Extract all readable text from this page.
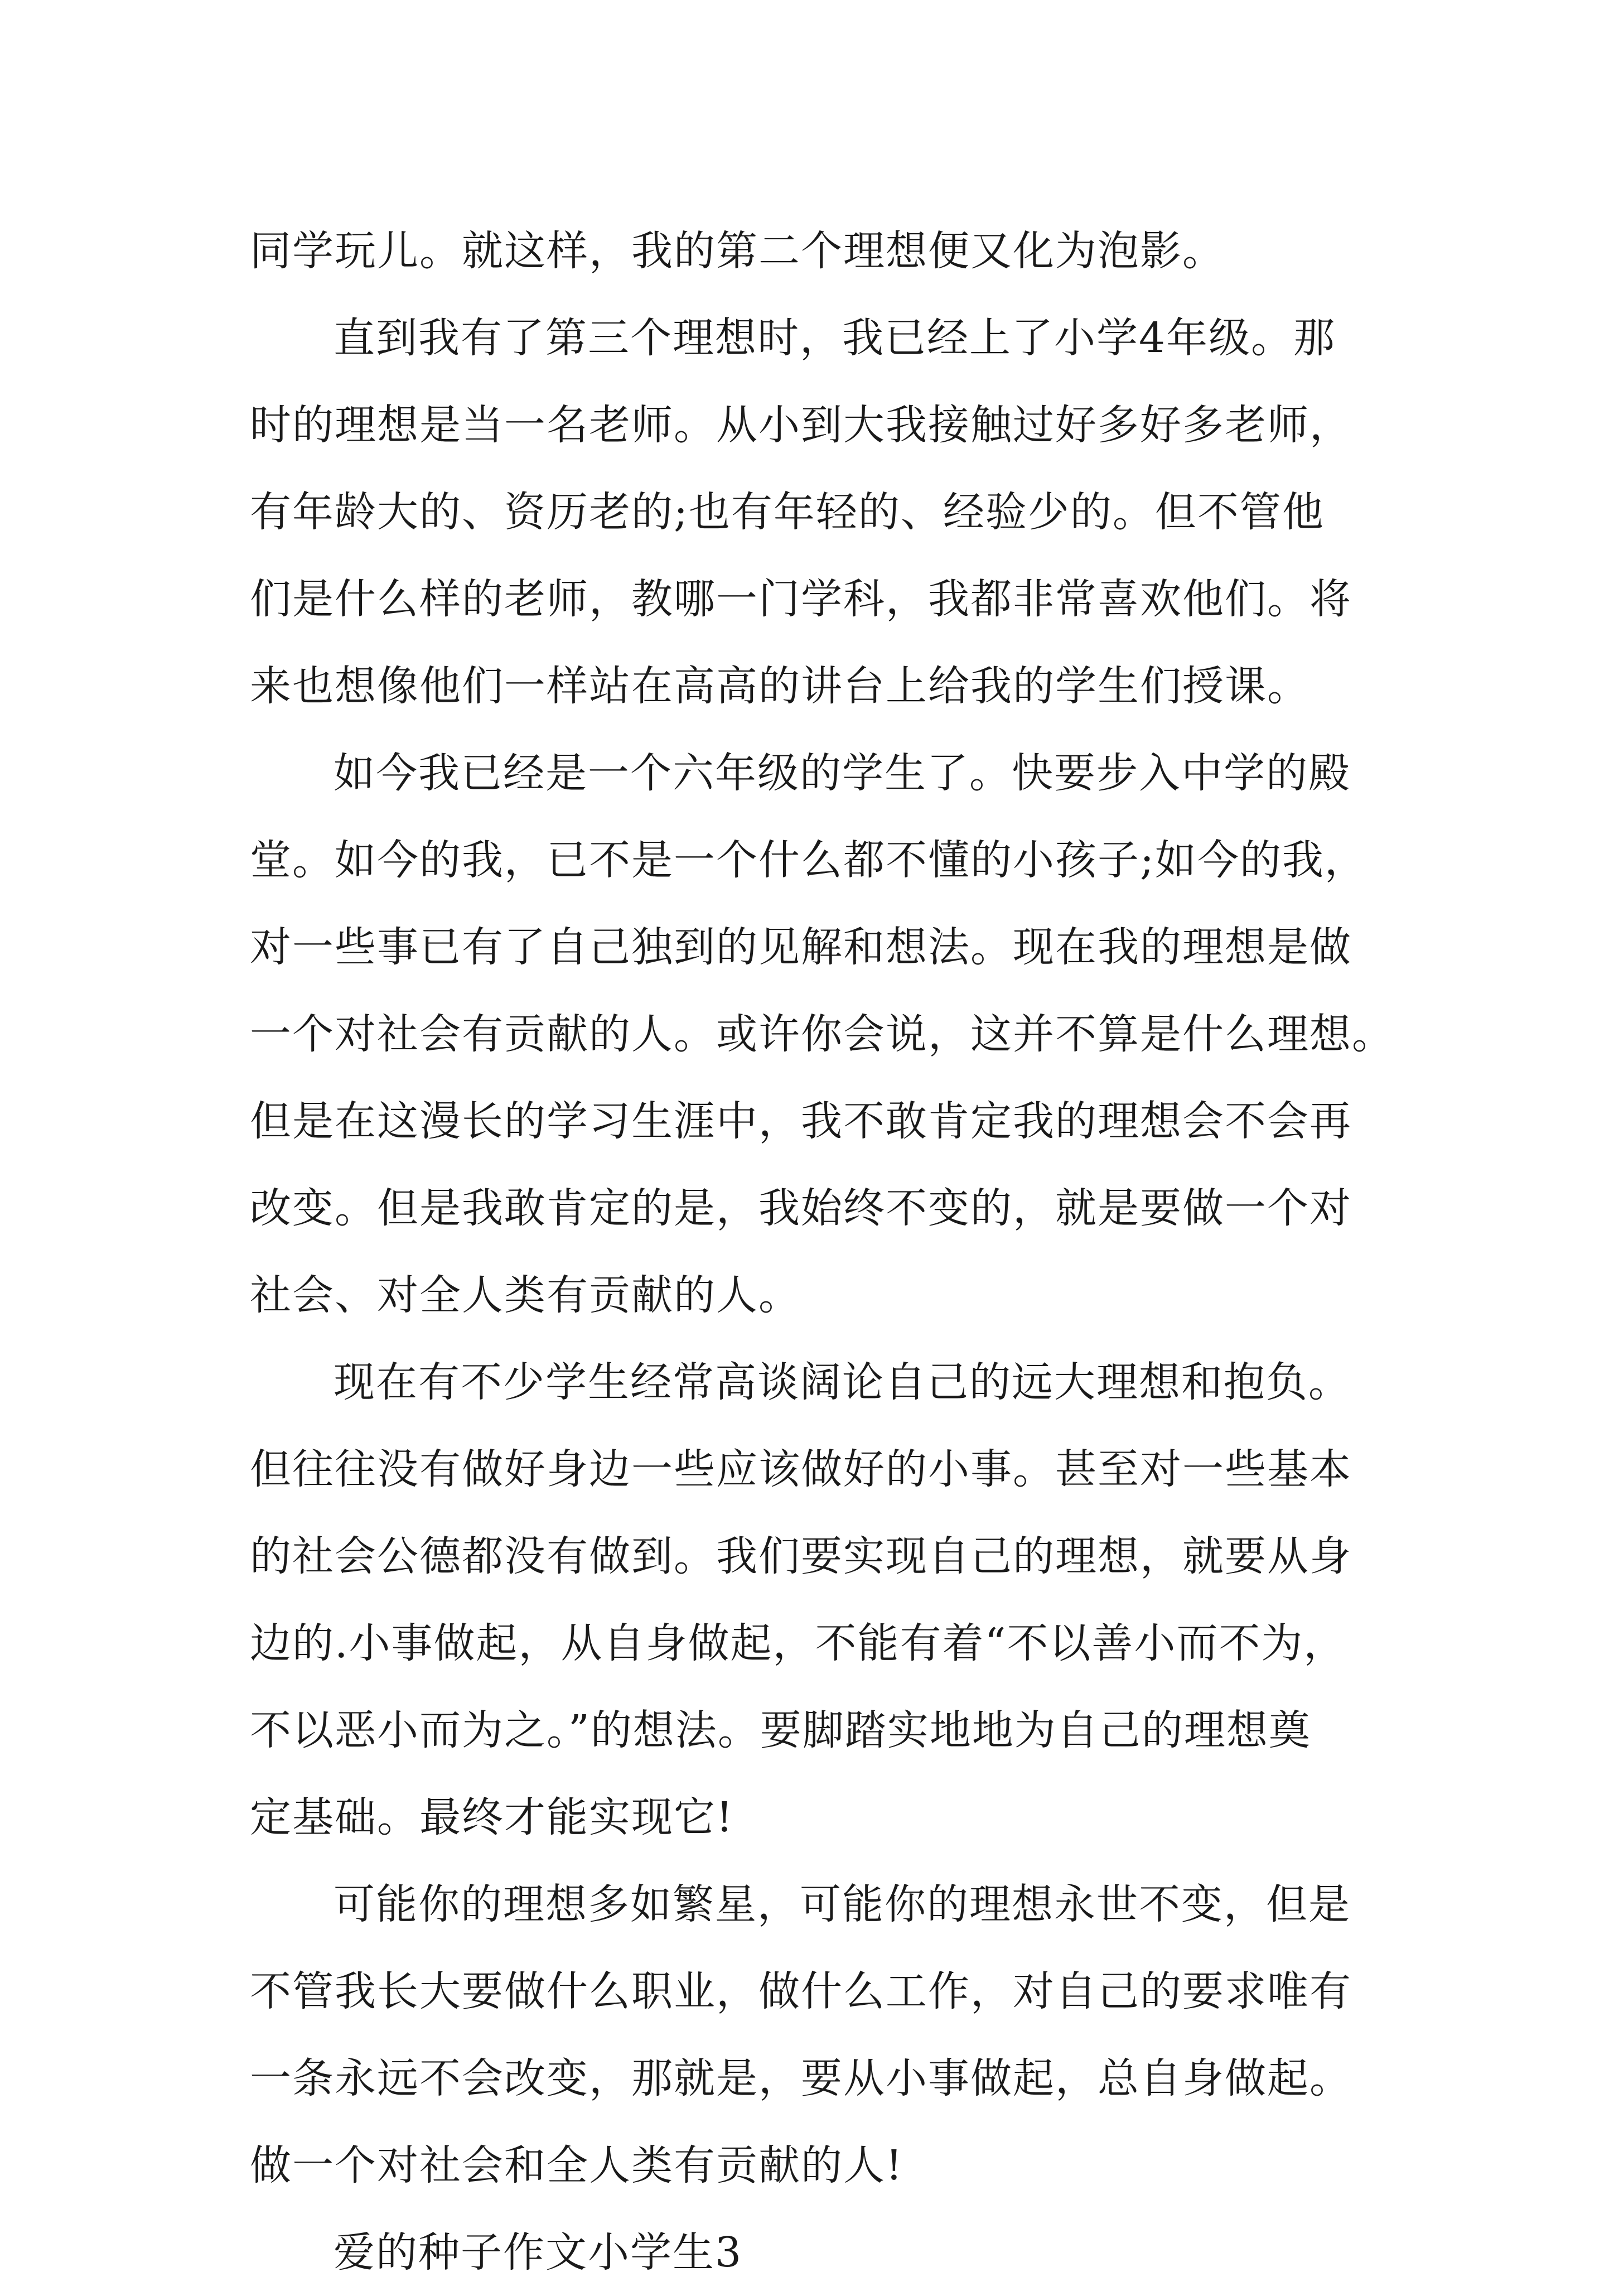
同学玩儿。就这样，我的第二个理想便又化为泡影。
直到我有了第三个理想时，我已经上了小学4年级。那
时的理想是当一名老师。从小到大我接触过好多好多老师，
有年龄大的、资历老的;也有年轻的、经验少的。但不管他
们是什么样的老师，教哪一门学科，我都非常喜欢他们。将
来也想像他们一样站在高高的讲台上给我的学生们授课。
如今我已经是一个六年级的学生了。快要步入中学的殿
堂。如今的我，已不是一个什么都不懂的小孩子;如今的我，
对一些事已有了自己独到的见解和想法。现在我的理想是做
一个对社会有贡献的人。或许你会说，这并不算是什么理想。
但是在这漫长的学习生涯中，我不敢肯定我的理想会不会再
改变。但是我敢肯定的是，我始终不变的，就是要做一个对
社会、对全人类有贡献的人。
现在有不少学生经常高谈阔论自己的远大理想和抱负。
但往往没有做好身边一些应该做好的小事。甚至对一些基本
的社会公德都没有做到。我们要实现自己的理想，就要从身
边的.小事做起，从自身做起，不能有着“不以善小而不为，
不以恶小而为之。”的想法。要脚踏实地地为自己的理想奠
定基础。最终才能实现它!
可能你的理想多如繁星，可能你的理想永世不变，但是
不管我长大要做什么职业，做什么工作，对自己的要求唯有
一条永远不会改变，那就是，要从小事做起，总自身做起。
做一个对社会和全人类有贡献的人!
爱的种子作文小学生3
